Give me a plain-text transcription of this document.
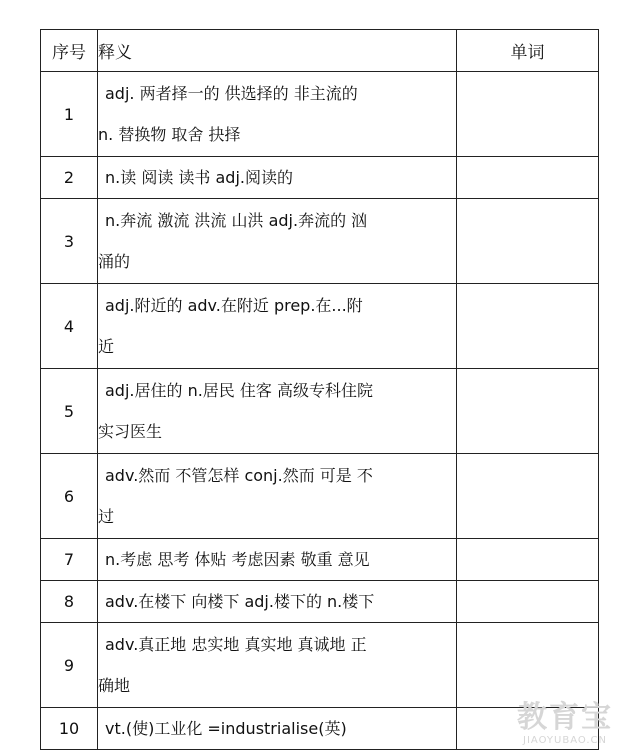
序号	释义	单词
1	adj. 两者择一的 供选择的 非主流的
n. 替换物 取舍 抉择	

2	n.读 阅读 读书 adj.阅读的	

3	n.奔流 激流 洪流 山洪 adj.奔流的 汹
涌的	

4	adj.附近的 adv.在附近 prep.在...附
近	

5	adj.居住的 n.居民 住客 高级专科住院
实习医生	

6	adv.然而 不管怎样 conj.然而 可是 不
过	

7	n.考虑 思考 体贴 考虑因素 敬重 意见	

8	adv.在楼下 向楼下 adj.楼下的 n.楼下	

9	adv.真正地 忠实地 真实地 真诚地 正
确地	

10	vt.(使)工业化 =industrialise(英)	
		教育宝
JIAOYUBAO.CN
